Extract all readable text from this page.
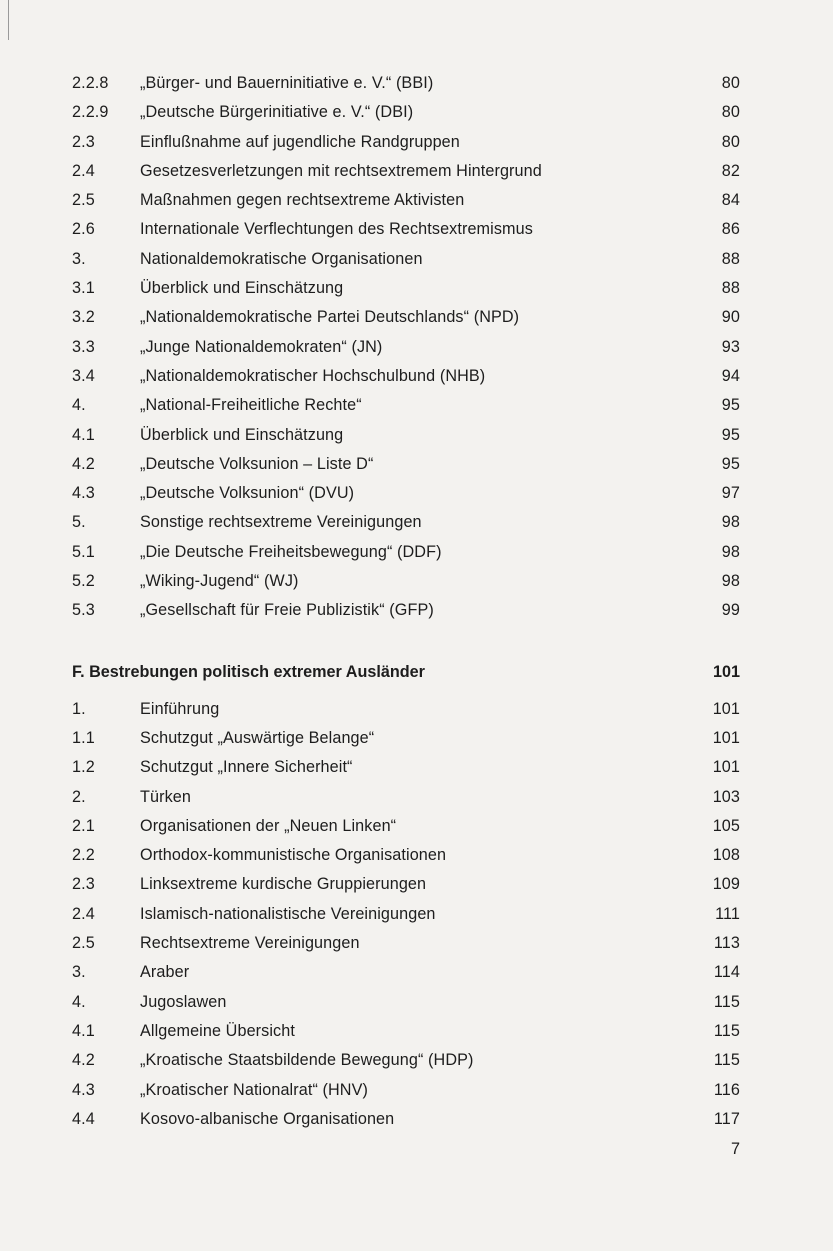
2.2.8	„Bürger- und Bauerninitiative e. V.“ (BBI)	80
2.2.9	„Deutsche Bürgerinitiative e. V.“ (DBI)	80
2.3	Einflußnahme auf jugendliche Randgruppen	80
2.4	Gesetzesverletzungen mit rechtsextremem Hintergrund	82
2.5	Maßnahmen gegen rechtsextreme Aktivisten	84
2.6	Internationale Verflechtungen des Rechtsextremismus	86
3.	Nationaldemokratische Organisationen	88
3.1	Überblick und Einschätzung	88
3.2	„Nationaldemokratische Partei Deutschlands“ (NPD)	90
3.3	„Junge Nationaldemokraten“ (JN)	93
3.4	„Nationaldemokratischer Hochschulbund (NHB)	94
4.	„National-Freiheitliche Rechte“	95
4.1	Überblick und Einschätzung	95
4.2	„Deutsche Volksunion – Liste D“	95
4.3	„Deutsche Volksunion“ (DVU)	97
5.	Sonstige rechtsextreme Vereinigungen	98
5.1	„Die Deutsche Freiheitsbewegung“ (DDF)	98
5.2	„Wiking-Jugend“ (WJ)	98
5.3	„Gesellschaft für Freie Publizistik“ (GFP)	99
F. Bestrebungen politisch extremer Ausländer	101
1.	Einführung	101
1.1	Schutzgut „Auswärtige Belange“	101
1.2	Schutzgut „Innere Sicherheit“	101
2.	Türken	103
2.1	Organisationen der „Neuen Linken“	105
2.2	Orthodox-kommunistische Organisationen	108
2.3	Linksextreme kurdische Gruppierungen	109
2.4	Islamisch-nationalistische Vereinigungen	111
2.5	Rechtsextreme Vereinigungen	113
3.	Araber	114
4.	Jugoslawen	115
4.1	Allgemeine Übersicht	115
4.2	„Kroatische Staatsbildende Bewegung“ (HDP)	115
4.3	„Kroatischer Nationalrat“ (HNV)	116
4.4	Kosovo-albanische Organisationen	117
7
